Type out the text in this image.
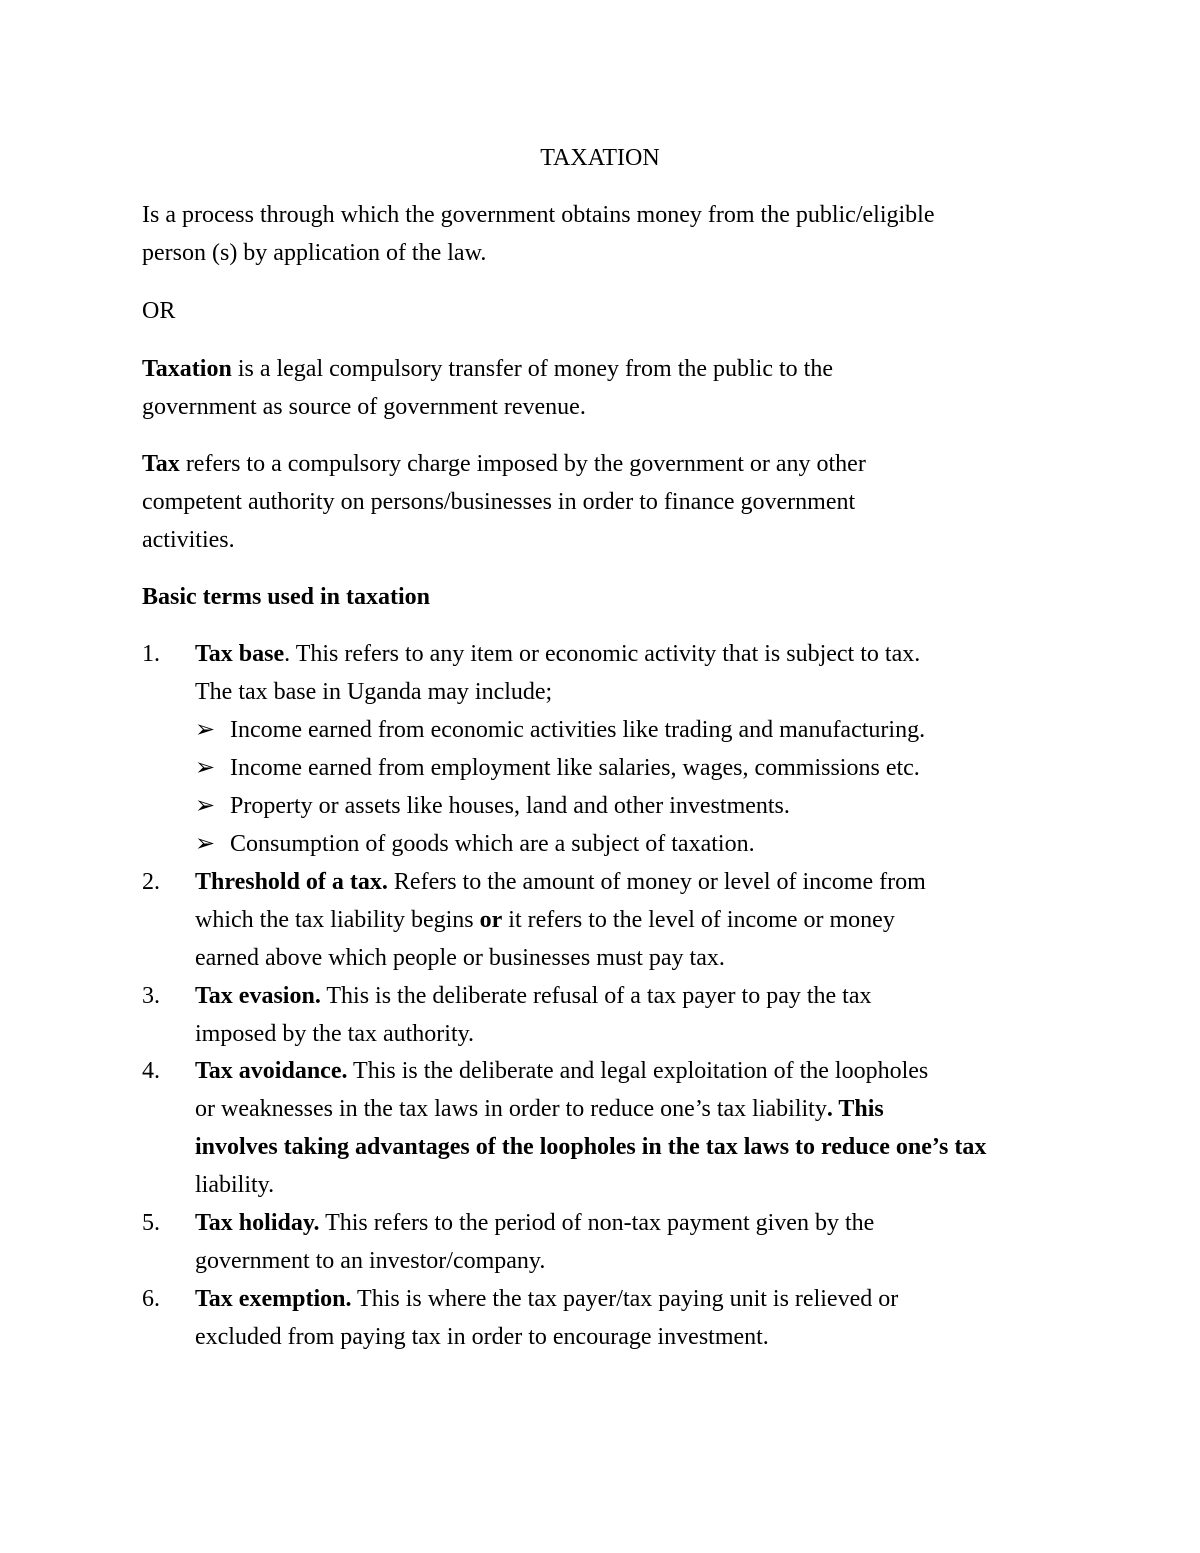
TAXATION
Is a process through which the government obtains money from the public/eligible
person (s) by application of the law.
OR
Taxation is a legal compulsory transfer of money from the public to the
government as source of government revenue.
Tax refers to a compulsory charge imposed by the government or any other
competent authority on persons/businesses in order to finance government
activities.
Basic terms used in taxation
1. Tax base. This refers to any item or economic activity that is subject to tax.
The tax base in Uganda may include;
➢ Income earned from economic activities like trading and manufacturing.
➢ Income earned from employment like salaries, wages, commissions etc.
➢ Property or assets like houses, land and other investments.
➢ Consumption of goods which are a subject of taxation.
2. Threshold of a tax. Refers to the amount of money or level of income from
which the tax liability begins or it refers to the level of income or money
earned above which people or businesses must pay tax.
3. Tax evasion. This is the deliberate refusal of a tax payer to pay the tax
imposed by the tax authority.
4. Tax avoidance. This is the deliberate and legal exploitation of the loopholes
or weaknesses in the tax laws in order to reduce one’s tax liability. This
involves taking advantages of the loopholes in the tax laws to reduce one’s tax
liability.
5. Tax holiday. This refers to the period of non-tax payment given by the
government to an investor/company.
6. Tax exemption. This is where the tax payer/tax paying unit is relieved or
excluded from paying tax in order to encourage investment.
